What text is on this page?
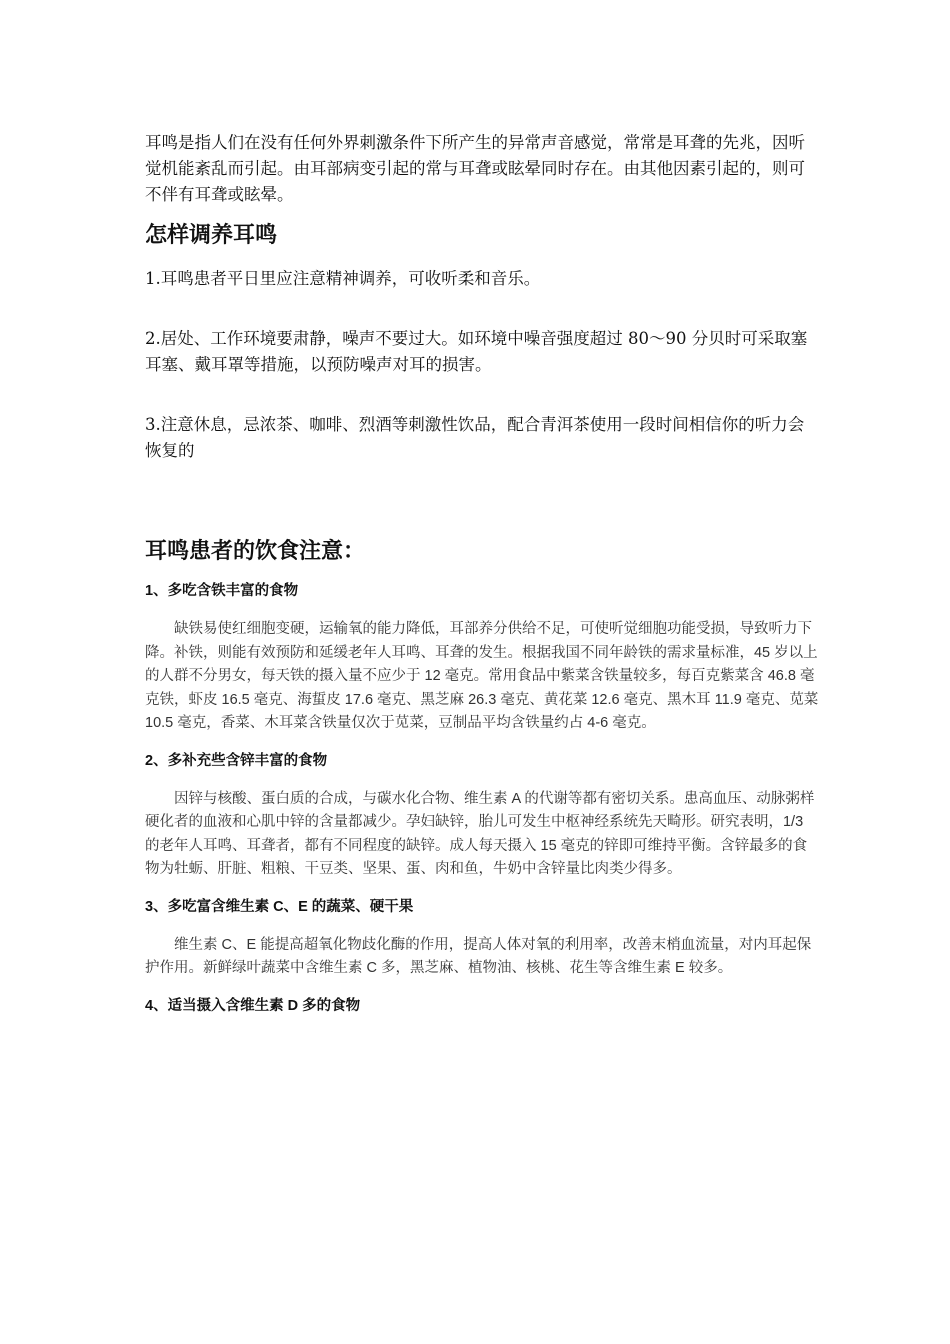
耳鸣是指人们在没有任何外界刺激条件下所产生的异常声音感觉，常常是耳聋的先兆，因听觉机能紊乱而引起。由耳部病变引起的常与耳聋或眩晕同时存在。由其他因素引起的，则可不伴有耳聋或眩晕。

怎样调养耳鸣

1.耳鸣患者平日里应注意精神调养，可收听柔和音乐。

2.居处、工作环境要肃静，噪声不要过大。如环境中噪音强度超过 80～90 分贝时可采取塞耳塞、戴耳罩等措施，以预防噪声对耳的损害。

3.注意休息，忌浓茶、咖啡、烈酒等刺激性饮品，配合青洱茶使用一段时间相信你的听力会恢复的

耳鸣患者的饮食注意：

1、多吃含铁丰富的食物

缺铁易使红细胞变硬，运输氧的能力降低，耳部养分供给不足，可使听觉细胞功能受损，导致听力下降。补铁，则能有效预防和延缓老年人耳鸣、耳聋的发生。根据我国不同年龄铁的需求量标准，45 岁以上的人群不分男女，每天铁的摄入量不应少于 12 毫克。常用食品中紫菜含铁量较多，每百克紫菜含 46.8 毫克铁，虾皮 16.5 毫克、海蜇皮 17.6 毫克、黑芝麻 26.3 毫克、黄花菜 12.6 毫克、黑木耳 11.9 毫克、苋菜 10.5 毫克，香菜、木耳菜含铁量仅次于苋菜，豆制品平均含铁量约占 4-6 毫克。

2、多补充些含锌丰富的食物

因锌与核酸、蛋白质的合成，与碳水化合物、维生素 A 的代谢等都有密切关系。患高血压、动脉粥样硬化者的血液和心肌中锌的含量都减少。孕妇缺锌，胎儿可发生中枢神经系统先天畸形。研究表明，1/3 的老年人耳鸣、耳聋者，都有不同程度的缺锌。成人每天摄入 15 毫克的锌即可维持平衡。含锌最多的食物为牡蛎、肝脏、粗粮、干豆类、坚果、蛋、肉和鱼，牛奶中含锌量比肉类少得多。

3、多吃富含维生素 C、E 的蔬菜、硬干果

维生素 C、E 能提高超氧化物歧化酶的作用，提高人体对氧的利用率，改善末梢血流量，对内耳起保护作用。新鲜绿叶蔬菜中含维生素 C 多，黑芝麻、植物油、核桃、花生等含维生素 E 较多。

4、适当摄入含维生素 D 多的食物
